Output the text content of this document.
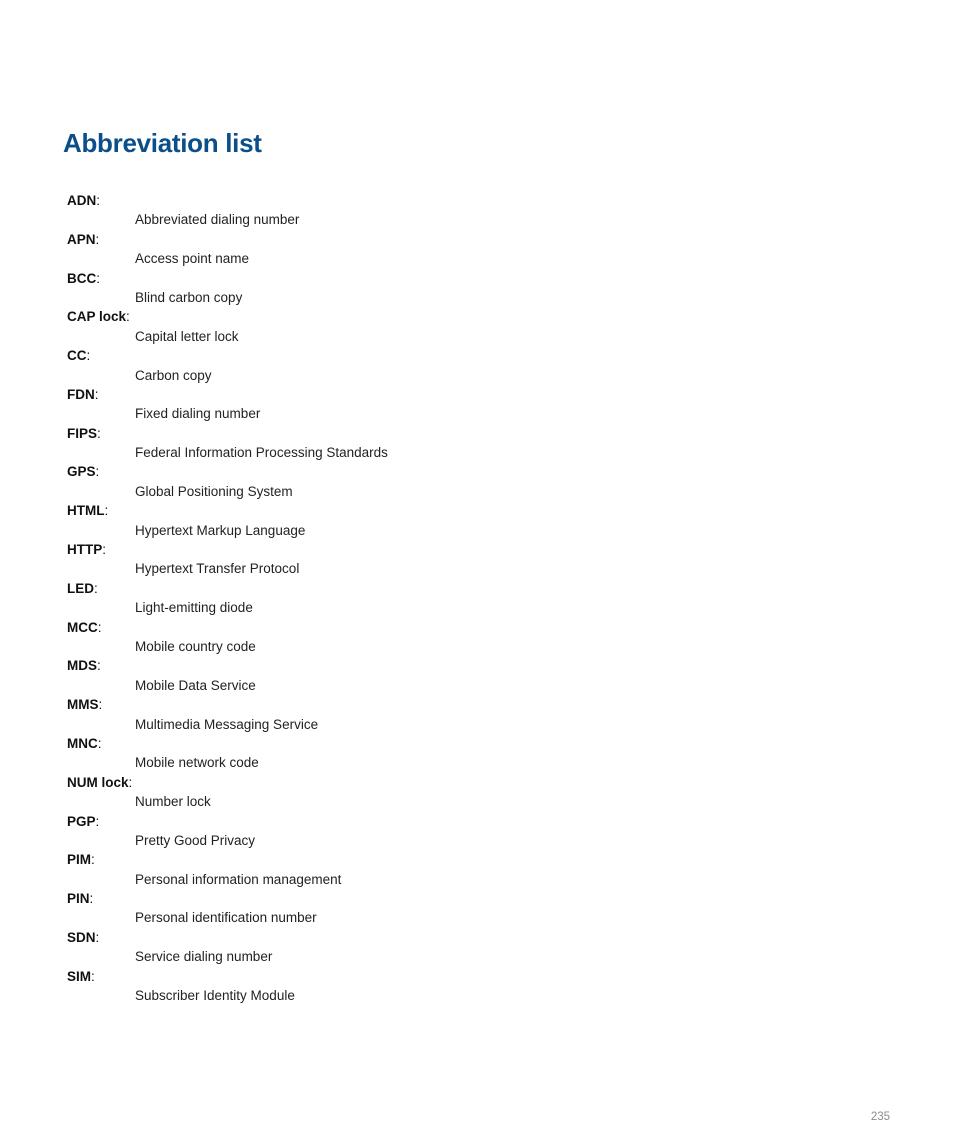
Abbreviation list
ADN:
Abbreviated dialing number
APN:
Access point name
BCC:
Blind carbon copy
CAP lock:
Capital letter lock
CC:
Carbon copy
FDN:
Fixed dialing number
FIPS:
Federal Information Processing Standards
GPS:
Global Positioning System
HTML:
Hypertext Markup Language
HTTP:
Hypertext Transfer Protocol
LED:
Light-emitting diode
MCC:
Mobile country code
MDS:
Mobile Data Service
MMS:
Multimedia Messaging Service
MNC:
Mobile network code
NUM lock:
Number lock
PGP:
Pretty Good Privacy
PIM:
Personal information management
PIN:
Personal identification number
SDN:
Service dialing number
SIM:
Subscriber Identity Module
235
